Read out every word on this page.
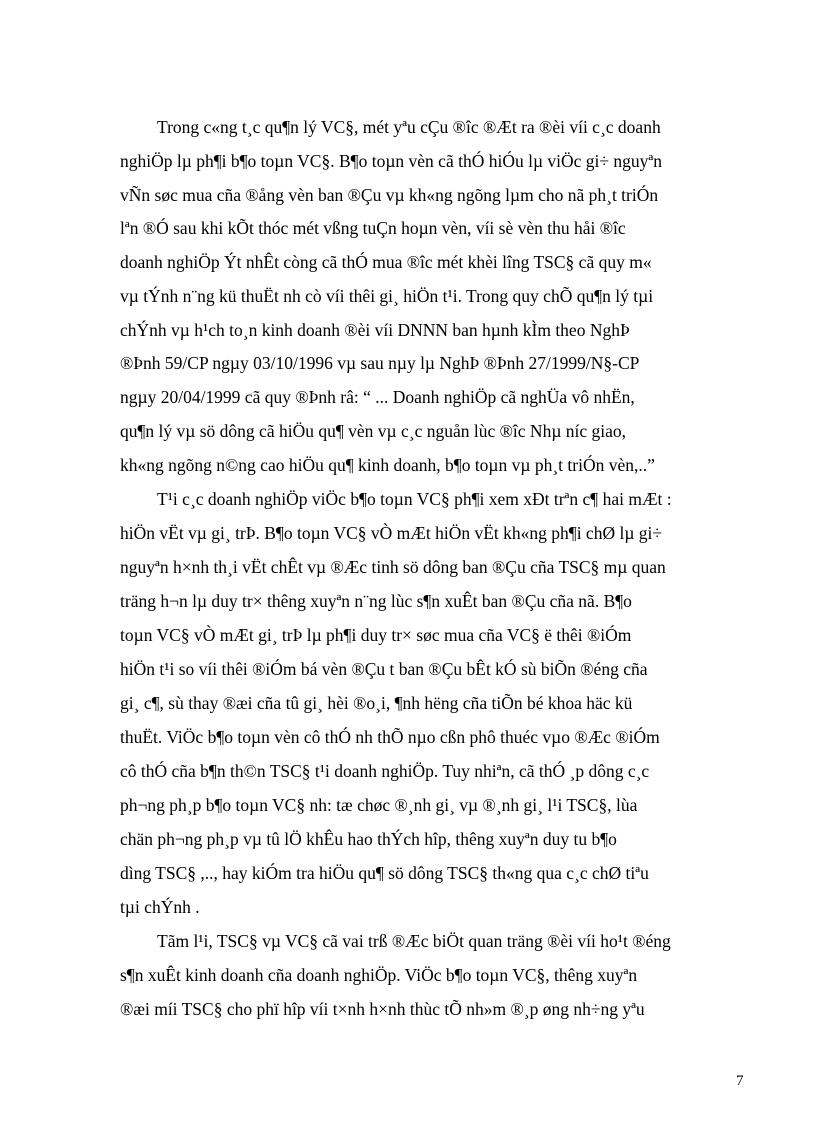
Trong c«ng t¸c qu¶n lý VC§, mét yªu cÇu ®îc ®Æt ra ®èi víi c¸c doanh
nghiÖp lµ ph¶i b¶o toµn VC§. B¶o toµn vèn cã thÓ hiÓu lµ viÖc gi÷ nguyªn
vÑn søc mua cña ®ång vèn ban ®Çu vµ kh«ng ngõng lµm cho nã ph¸t triÓn
lªn ®Ó sau khi kÕt thóc mét vßng tuÇn hoµn vèn, víi sè vèn thu håi ®îc
doanh nghiÖp Ýt nhÊt còng cã thÓ mua ®îc mét khèi lîng TSC§ cã quy m«
vµ tÝnh n¨ng kü thuËt nh cò víi thêi gi¸ hiÖn t¹i. Trong quy chÕ qu¶n lý tµi
chÝnh vµ h¹ch to¸n kinh doanh ®èi víi DNNN ban hµnh kÌm theo NghÞ
®Þnh 59/CP ngµy 03/10/1996 vµ sau nµy lµ NghÞ ®Þnh 27/1999/N§-CP
ngµy 20/04/1999 cã quy ®Þnh râ: “ ... Doanh nghiÖp cã nghÜa vô nhËn,
qu¶n lý vµ sö dông cã hiÖu qu¶ vèn vµ c¸c nguån lùc ®îc Nhµ níc giao,
kh«ng ngõng n©ng cao hiÖu qu¶ kinh doanh, b¶o toµn vµ ph¸t triÓn vèn,..”
T¹i c¸c doanh nghiÖp viÖc b¶o toµn VC§ ph¶i xem xÐt trªn c¶ hai mÆt :
hiÖn vËt vµ gi¸ trÞ. B¶o toµn VC§ vÒ mÆt hiÖn vËt kh«ng ph¶i chØ lµ gi÷
nguyªn h×nh th¸i vËt chÊt vµ ®Æc tinh sö dông ban ®Çu cña TSC§ mµ quan
träng h¬n lµ duy tr× thêng xuyªn n¨ng lùc s¶n xuÊt ban ®Çu cña nã. B¶o
toµn VC§ vÒ mÆt gi¸ trÞ lµ ph¶i duy tr× søc mua cña VC§ ë thêi ®iÓm
hiÖn t¹i so víi thêi ®iÓm bá vèn ®Çu t ban ®Çu bÊt kÓ sù biÕn ®éng cña
gi¸ c¶, sù thay ®æi cña tû gi¸ hèi ®o¸i, ¶nh hëng cña tiÕn bé khoa häc kü
thuËt. ViÖc b¶o toµn vèn cô thÓ nh thÕ nµo cßn phô thuéc vµo ®Æc ®iÓm
cô thÓ cña b¶n th©n TSC§ t¹i doanh nghiÖp. Tuy nhiªn, cã thÓ ¸p dông c¸c
ph¬ng ph¸p b¶o toµn VC§ nh: tæ chøc ®¸nh gi¸ vµ ®¸nh gi¸ l¹i TSC§, lùa
chän ph¬ng ph¸p vµ tû lÖ khÊu hao thÝch hîp, thêng xuyªn duy tu b¶o
dìng TSC§ ,.., hay kiÓm tra hiÖu qu¶ sö dông TSC§ th«ng qua c¸c chØ tiªu
tµi chÝnh .
Tãm l¹i, TSC§ vµ VC§ cã vai trß ®Æc biÖt quan träng ®èi víi ho¹t ®éng
s¶n xuÊt kinh doanh cña doanh nghiÖp. ViÖc b¶o toµn VC§, thêng xuyªn
®æi míi TSC§ cho phï hîp víi t×nh h×nh thùc tÕ nh»m ®¸p øng nh÷ng yªu
7
